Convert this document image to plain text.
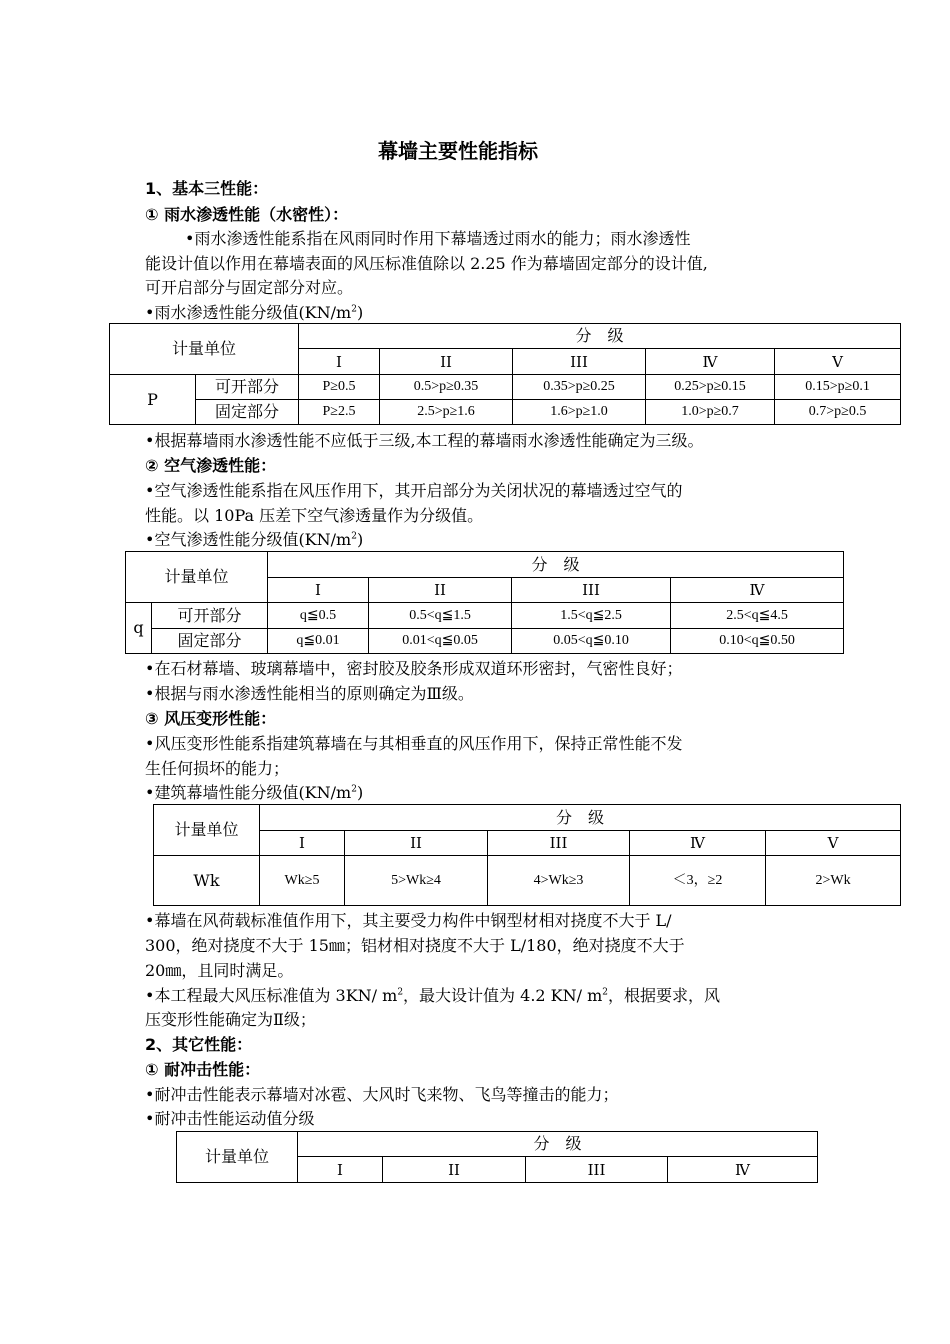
幕墙主要性能指标
1、基本三性能：
① 雨水渗透性能（水密性）：
•雨水渗透性能系指在风雨同时作用下幕墙透过雨水的能力；雨水渗透性
能设计值以作用在幕墙表面的风压标准值除以 2.25 作为幕墙固定部分的设计值,
可开启部分与固定部分对应。
•雨水渗透性能分级值$(KN/m^2)$
计量单位		分　级				
		I	II	III	Ⅳ	V
P	可开部分	P≥0.5	0.5>p≥0.35	0.35>p≥0.25	0.25>p≥0.15	0.15>p≥0.1
	固定部分	P≥2.5	2.5>p≥1.6	1.6>p≥1.0	1.0>p≥0.7	0.7>p≥0.5
•根据幕墙雨水渗透性能不应低于三级,本工程的幕墙雨水渗透性能确定为三级。
② 空气渗透性能：
•空气渗透性能系指在风压作用下，其开启部分为关闭状况的幕墙透过空气的
性能。以 10Pa 压差下空气渗透量作为分级值。
•空气渗透性能分级值$(KN/m^2)$
计量单位		分　级			
		I	II	III	Ⅳ
q	可开部分	q≦0.5	0.5<q≦1.5	1.5<q≦2.5	2.5<q≦4.5
	固定部分	q≦0.01	0.01<q≦0.05	0.05<q≦0.10	0.10<q≦0.50
•在石材幕墙、玻璃幕墙中，密封胶及胶条形成双道环形密封，气密性良好；
•根据与雨水渗透性能相当的原则确定为Ⅲ级。
③ 风压变形性能：
•风压变形性能系指建筑幕墙在与其相垂直的风压作用下，保持正常性能不发
生任何损坏的能力；
•建筑幕墙性能分级值$(KN/m^2)$
计量单位	分　级				
	I	II	III	Ⅳ	V
Wk	Wk≥5	5>Wk≥4	4>Wk≥3	＜3，≥2	2>Wk
•幕墙在风荷载标准值作用下，其主要受力构件中钢型材相对挠度不大于 L/
300，绝对挠度不大于 15㎜；铝材相对挠度不大于 L/180，绝对挠度不大于
20㎜，且同时满足。
•本工程最大风压标准值为 3KN/ $m^2$，最大设计值为 4.2 KN/ $m^2$，根据要求，风
压变形性能确定为Ⅱ级；
2、其它性能：
① 耐冲击性能：
•耐冲击性能表示幕墙对冰雹、大风时飞来物、飞鸟等撞击的能力；
•耐冲击性能运动值分级
计量单位	分　级			
	I	II	III	Ⅳ
